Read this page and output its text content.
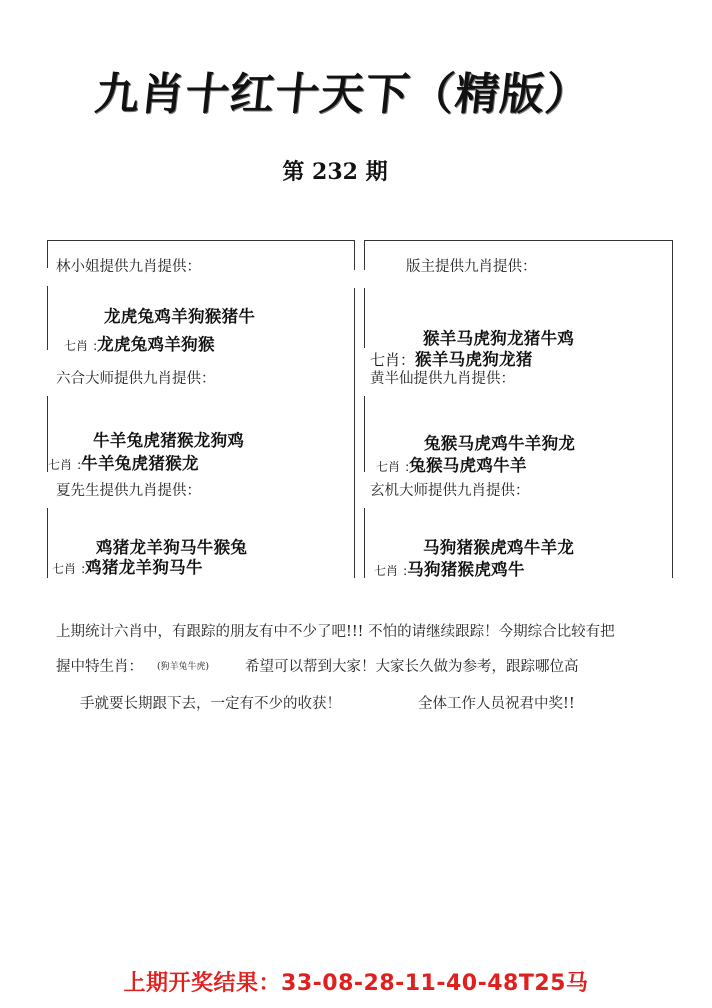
九肖十红十天下（精版）
第 232 期
林小姐提供九肖提供：
龙虎兔鸡羊狗猴猪牛
七肖 :龙虎兔鸡羊狗猴
版主提供九肖提供：
猴羊马虎狗龙猪牛鸡
七肖：猴羊马虎狗龙猪
六合大师提供九肖提供：
牛羊兔虎猪猴龙狗鸡
七肖 :牛羊兔虎猪猴龙
黄半仙提供九肖提供：
兔猴马虎鸡牛羊狗龙
七肖 :兔猴马虎鸡牛羊
夏先生提供九肖提供：
鸡猪龙羊狗马牛猴兔
七肖 :鸡猪龙羊狗马牛
玄机大师提供九肖提供：
马狗猪猴虎鸡牛羊龙
七肖 :马狗猪猴虎鸡牛
上期统计六肖中，有跟踪的朋友有中不少了吧!!! 不怕的请继续跟踪！今期综合比较有把
握中特生肖： (狗羊兔牛虎) 希望可以帮到大家！大家长久做为参考，跟踪哪位高
手就要长期跟下去，一定有不少的收获！	全体工作人员祝君中奖!!
上期开奖结果：33-08-28-11-40-48T25马
